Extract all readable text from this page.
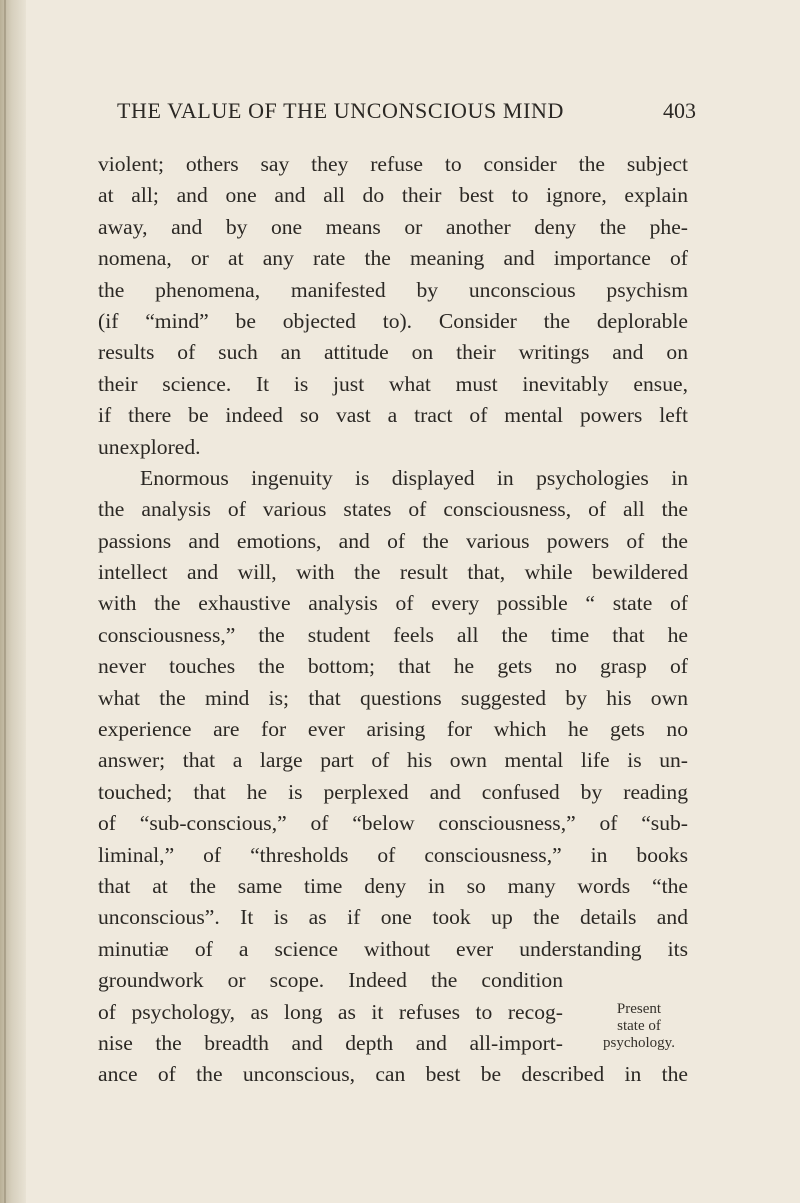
THE VALUE OF THE UNCONSCIOUS MIND	403
violent; others say they refuse to consider the subject
at all; and one and all do their best to ignore, explain
away, and by one means or another deny the phe-
nomena, or at any rate the meaning and importance of
the phenomena, manifested by unconscious psychism
(if “mind” be objected to). Consider the deplorable
results of such an attitude on their writings and on
their science. It is just what must inevitably ensue,
if there be indeed so vast a tract of mental powers left
unexplored.
Enormous ingenuity is displayed in psychologies in
the analysis of various states of consciousness, of all the
passions and emotions, and of the various powers of the
intellect and will, with the result that, while bewildered
with the exhaustive analysis of every possible “ state of
consciousness,” the student feels all the time that he
never touches the bottom; that he gets no grasp of
what the mind is; that questions suggested by his own
experience are for ever arising for which he gets no
answer; that a large part of his own mental life is un-
touched; that he is perplexed and confused by reading
of “sub-conscious,” of “below consciousness,” of “sub-
liminal,” of “thresholds of consciousness,” in books
that at the same time deny in so many words “the
unconscious”. It is as if one took up the details and
minutiæ of a science without ever understanding its
groundwork or scope. Indeed the condition
of psychology, as long as it refuses to recog-
nise the breadth and depth and all-import-
ance of the unconscious, can best be described in the
Present
state of
psychology.
